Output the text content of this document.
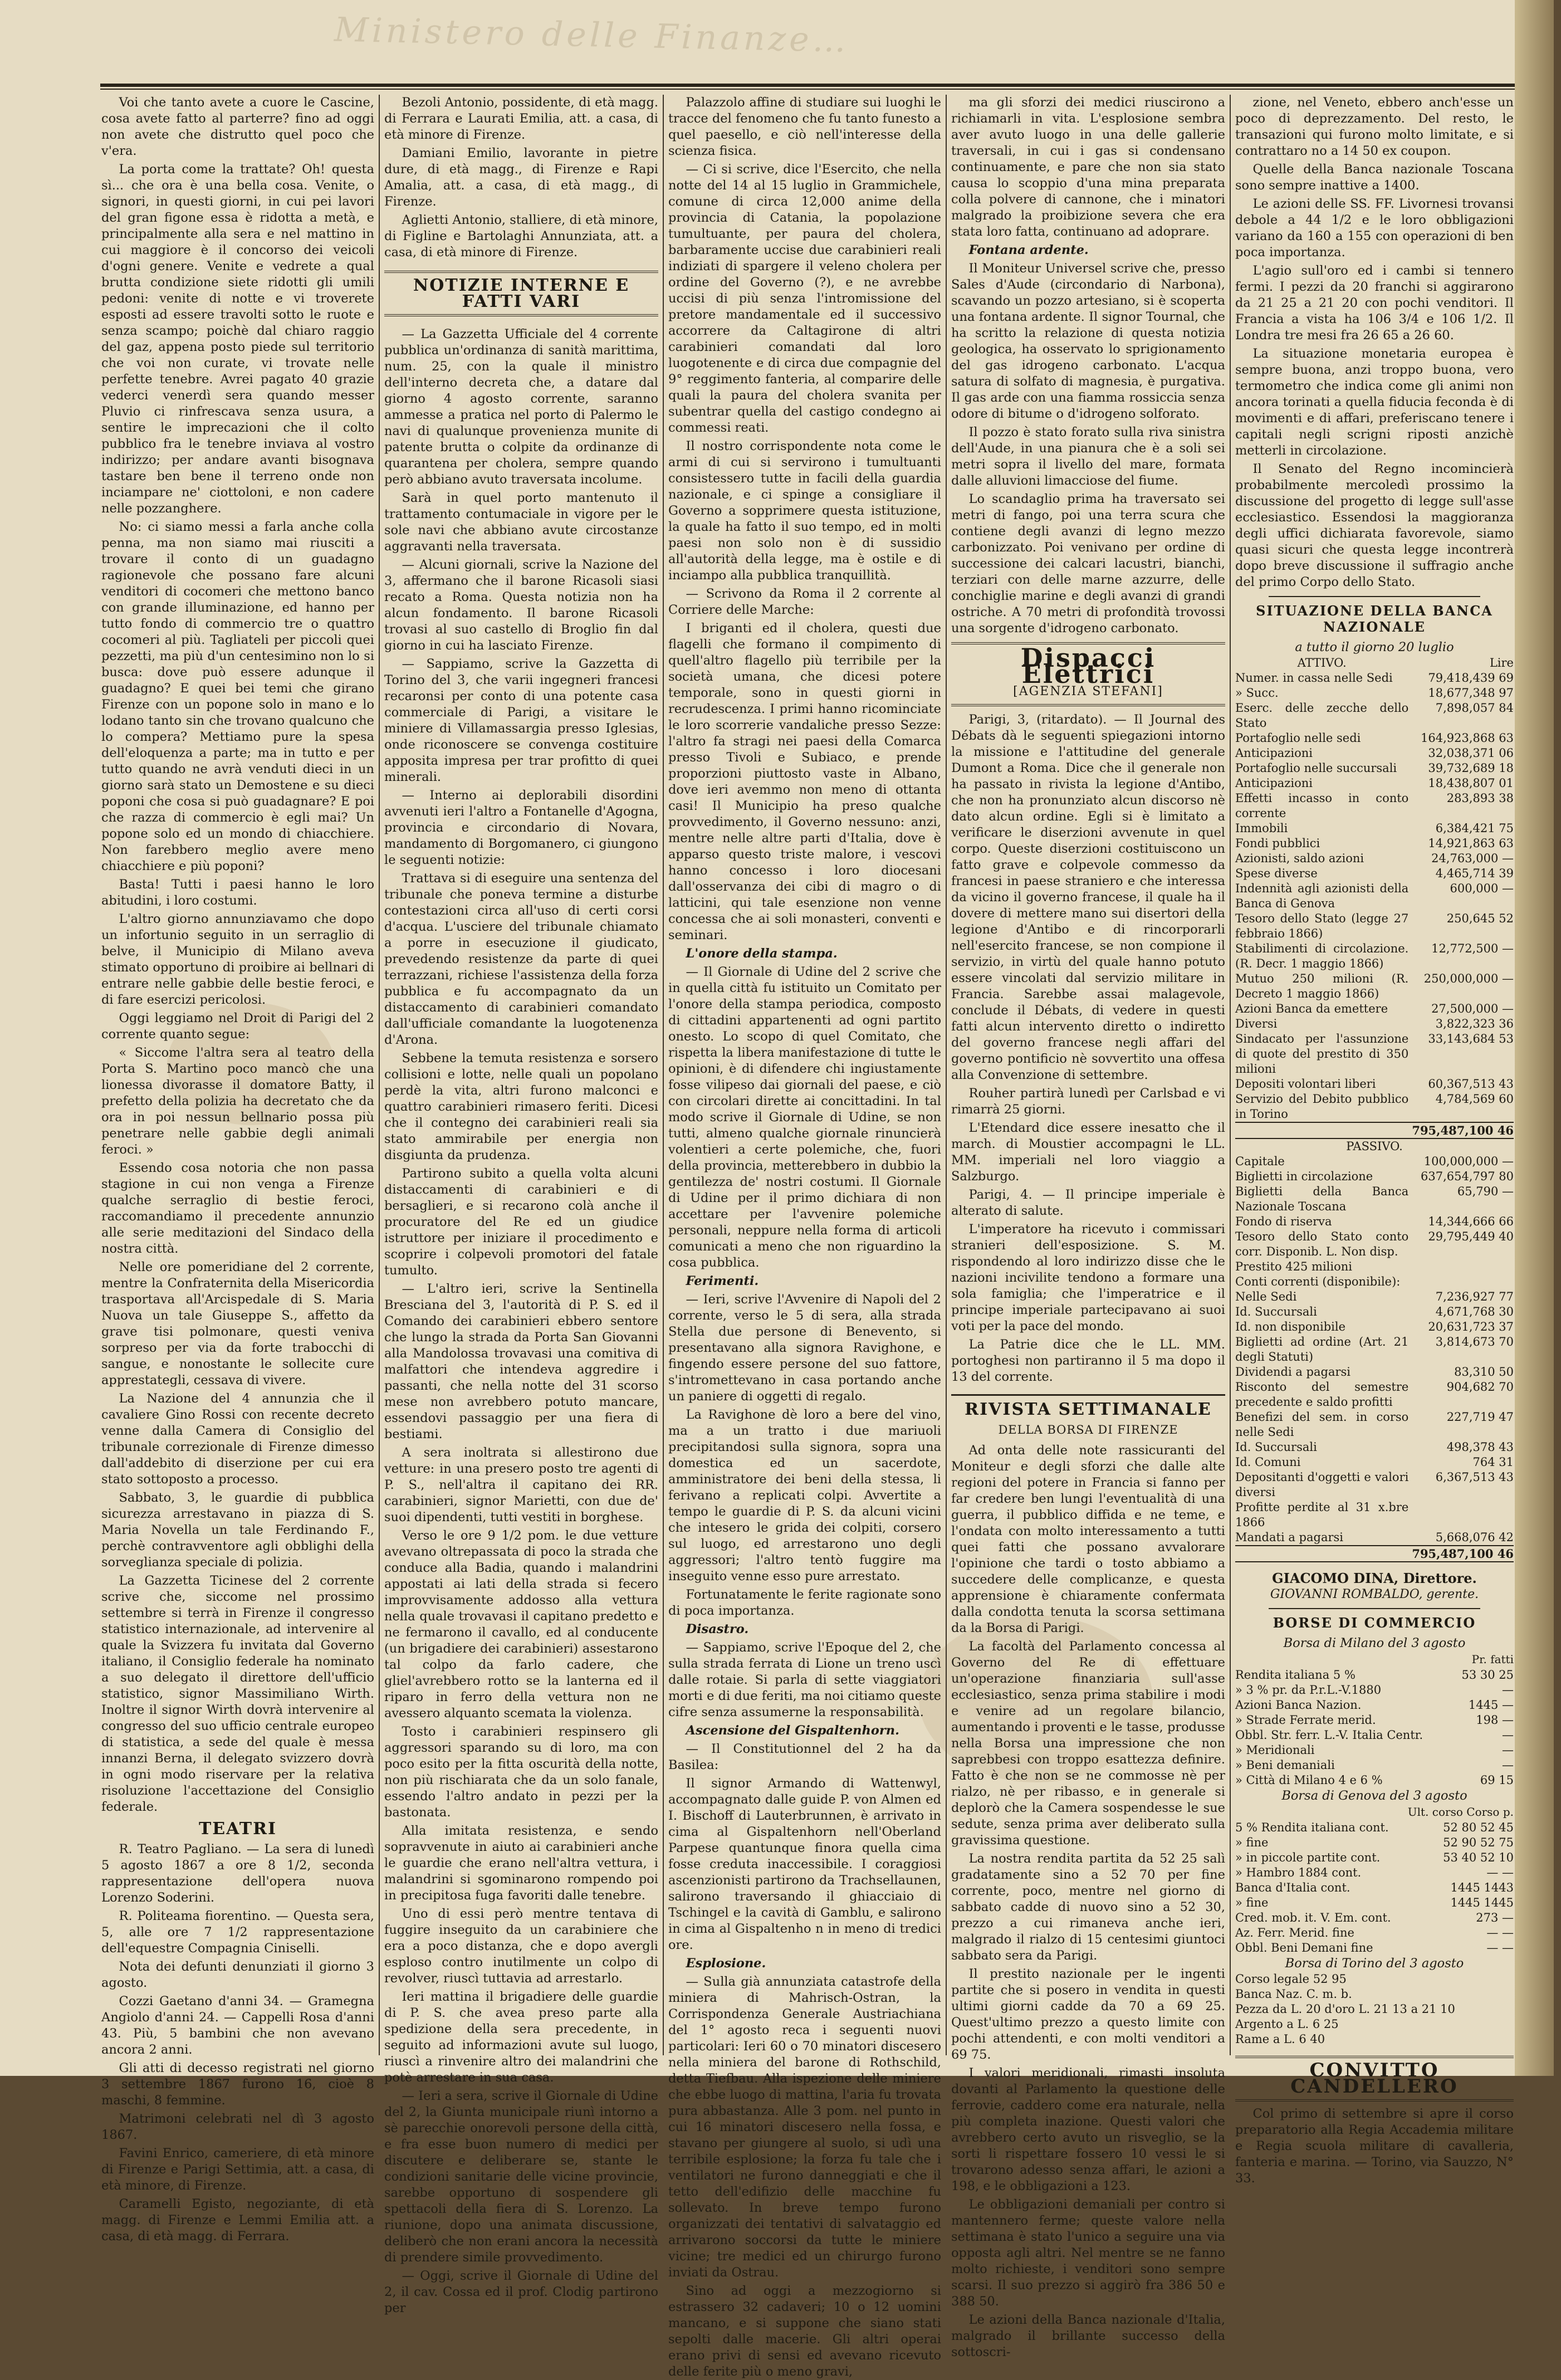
Ministero delle Finanze…
Voi che tanto avete a cuore le Cascine, cosa avete fatto al parterre? fino ad oggi non avete che distrutto quel poco che v'era.
La porta come la trattate? Oh! questa sì... che ora è una bella cosa. Venite, o signori, in questi giorni, in cui pei lavori del gran figone essa è ridotta a metà, e principalmente alla sera e nel mattino in cui maggiore è il concorso dei veicoli d'ogni genere. Venite e vedrete a qual brutta condizione siete ridotti gli umili pedoni: venite di notte e vi troverete esposti ad essere travolti sotto le ruote e senza scampo; poichè dal chiaro raggio del gaz, appena posto piede sul territorio che voi non curate, vi trovate nelle perfette tenebre. Avrei pagato 40 grazie vederci venerdì sera quando messer Pluvio ci rinfrescava senza usura, a sentire le imprecazioni che il colto pubblico fra le tenebre inviava al vostro indirizzo; per andare avanti bisognava tastare ben bene il terreno onde non inciampare ne' ciottoloni, e non cadere nelle pozzanghere.
No: ci siamo messi a farla anche colla penna, ma non siamo mai riusciti a trovare il conto di un guadagno ragionevole che possano fare alcuni venditori di cocomeri che mettono banco con grande illuminazione, ed hanno per tutto fondo di commercio tre o quattro cocomeri al più. Tagliateli per piccoli quei pezzetti, ma più d'un centesimino non lo si busca: dove può essere adunque il guadagno? E quei bei temi che girano Firenze con un popone solo in mano e lo lodano tanto sin che trovano qualcuno che lo compera? Mettiamo pure la spesa dell'eloquenza a parte; ma in tutto e per tutto quando ne avrà venduti dieci in un giorno sarà stato un Demostene e su dieci poponi che cosa si può guadagnare? E poi che razza di commercio è egli mai? Un popone solo ed un mondo di chiacchiere. Non farebbero meglio avere meno chiacchiere e più poponi?
Basta! Tutti i paesi hanno le loro abitudini, i loro costumi.
L'altro giorno annunziavamo che dopo un infortunio seguito in un serraglio di belve, il Municipio di Milano aveva stimato opportuno di proibire ai bellnari di entrare nelle gabbie delle bestie feroci, e di fare esercizi pericolosi.
Oggi leggiamo nel Droit di Parigi del 2 corrente quanto segue:
« Siccome l'altra sera al teatro della Porta S. Martino poco mancò che una lionessa divorasse il domatore Batty, il prefetto della polizia ha decretato che da ora in poi nessun bellnario possa più penetrare nelle gabbie degli animali feroci. »
Essendo cosa notoria che non passa stagione in cui non venga a Firenze qualche serraglio di bestie feroci, raccomandiamo il precedente annunzio alle serie meditazioni del Sindaco della nostra città.
Nelle ore pomeridiane del 2 corrente, mentre la Confraternita della Misericordia trasportava all'Arcispedale di S. Maria Nuova un tale Giuseppe S., affetto da grave tisi polmonare, questi veniva sorpreso per via da forte trabocchi di sangue, e nonostante le sollecite cure apprestategli, cessava di vivere.
La Nazione del 4 annunzia che il cavaliere Gino Rossi con recente decreto venne dalla Camera di Consiglio del tribunale correzionale di Firenze dimesso dall'addebito di diserzione per cui era stato sottoposto a processo.
Sabbato, 3, le guardie di pubblica sicurezza arrestavano in piazza di S. Maria Novella un tale Ferdinando F., perchè contravventore agli obblighi della sorveglianza speciale di polizia.
La Gazzetta Ticinese del 2 corrente scrive che, siccome nel prossimo settembre si terrà in Firenze il congresso statistico internazionale, ad intervenire al quale la Svizzera fu invitata dal Governo italiano, il Consiglio federale ha nominato a suo delegato il direttore dell'ufficio statistico, signor Massimiliano Wirth. Inoltre il signor Wirth dovrà intervenire al congresso del suo ufficio centrale europeo di statistica, a sede del quale è messa innanzi Berna, il delegato svizzero dovrà in ogni modo riservare per la relativa risoluzione l'accettazione del Consiglio federale.
TEATRI
R. Teatro Pagliano. — La sera di lunedì 5 agosto 1867 a ore 8 1/2, seconda rappresentazione dell'opera nuova Lorenzo Soderini.
R. Politeama fiorentino. — Questa sera, 5, alle ore 7 1/2 rappresentazione dell'equestre Compagnia Ciniselli.
Nota dei defunti denunziati il giorno 3 agosto.
Cozzi Gaetano d'anni 34. — Gramegna Angiolo d'anni 24. — Cappelli Rosa d'anni 43. Più, 5 bambini che non avevano ancora 2 anni.
Gli atti di decesso registrati nel giorno 3 settembre 1867 furono 16, cioè 8 maschi, 8 femmine.
Matrimoni celebrati nel dì 3 agosto 1867.
Favini Enrico, cameriere, di età minore di Firenze e Parigi Settimia, att. a casa, di età minore, di Firenze.
Caramelli Egisto, negoziante, di età magg. di Firenze e Lemmi Emilia att. a casa, di età magg. di Ferrara.
Bezoli Antonio, possidente, di età magg. di Ferrara e Laurati Emilia, att. a casa, di età minore di Firenze.
Damiani Emilio, lavorante in pietre dure, di età magg., di Firenze e Rapi Amalia, att. a casa, di età magg., di Firenze.
Aglietti Antonio, stalliere, di età minore, di Figline e Bartolaghi Annunziata, att. a casa, di età minore di Firenze.
NOTIZIE INTERNE E FATTI VARI
— La Gazzetta Ufficiale del 4 corrente pubblica un'ordinanza di sanità marittima, num. 25, con la quale il ministro dell'interno decreta che, a datare dal giorno 4 agosto corrente, saranno ammesse a pratica nel porto di Palermo le navi di qualunque provenienza munite di patente brutta o colpite da ordinanze di quarantena per cholera, sempre quando però abbiano avuto traversata incolume.
Sarà in quel porto mantenuto il trattamento contumaciale in vigore per le sole navi che abbiano avute circostanze aggravanti nella traversata.
— Alcuni giornali, scrive la Nazione del 3, affermano che il barone Ricasoli siasi recato a Roma. Questa notizia non ha alcun fondamento. Il barone Ricasoli trovasi al suo castello di Broglio fin dal giorno in cui ha lasciato Firenze.
— Sappiamo, scrive la Gazzetta di Torino del 3, che varii ingegneri francesi recaronsi per conto di una potente casa commerciale di Parigi, a visitare le miniere di Villamassargia presso Iglesias, onde riconoscere se convenga costituire apposita impresa per trar profitto di quei minerali.
— Interno ai deplorabili disordini avvenuti ieri l'altro a Fontanelle d'Agogna, provincia e circondario di Novara, mandamento di Borgomanero, ci giungono le seguenti notizie:
Trattava si di eseguire una sentenza del tribunale che poneva termine a disturbe contestazioni circa all'uso di certi corsi d'acqua. L'usciere del tribunale chiamato a porre in esecuzione il giudicato, prevedendo resistenze da parte di quei terrazzani, richiese l'assistenza della forza pubblica e fu accompagnato da un distaccamento di carabinieri comandato dall'ufficiale comandante la luogotenenza d'Arona.
Sebbene la temuta resistenza e sorsero collisioni e lotte, nelle quali un popolano perdè la vita, altri furono malconci e quattro carabinieri rimasero feriti. Dicesi che il contegno dei carabinieri reali sia stato ammirabile per energia non disgiunta da prudenza.
Partirono subito a quella volta alcuni distaccamenti di carabinieri e di bersaglieri, e si recarono colà anche il procuratore del Re ed un giudice istruttore per iniziare il procedimento e scoprire i colpevoli promotori del fatale tumulto.
— L'altro ieri, scrive la Sentinella Bresciana del 3, l'autorità di P. S. ed il Comando dei carabinieri ebbero sentore che lungo la strada da Porta San Giovanni alla Mandolossa trovavasi una comitiva di malfattori che intendeva aggredire i passanti, che nella notte del 31 scorso mese non avrebbero potuto mancare, essendovi passaggio per una fiera di bestiami.
A sera inoltrata si allestirono due vetture: in una presero posto tre agenti di P. S., nell'altra il capitano dei RR. carabinieri, signor Marietti, con due de' suoi dipendenti, tutti vestiti in borghese.
Verso le ore 9 1/2 pom. le due vetture avevano oltrepassata di poco la strada che conduce alla Badia, quando i malandrini appostati ai lati della strada si fecero improvvisamente addosso alla vettura nella quale trovavasi il capitano predetto e ne fermarono il cavallo, ed al conducente (un brigadiere dei carabinieri) assestarono tal colpo da farlo cadere, che gliel'avrebbero rotto se la lanterna ed il riparo in ferro della vettura non ne avessero alquanto scemata la violenza.
Tosto i carabinieri respinsero gli aggressori sparando su di loro, ma con poco esito per la fitta oscurità della notte, non più rischiarata che da un solo fanale, essendo l'altro andato in pezzi per la bastonata.
Alla imitata resistenza, e sendo sopravvenute in aiuto ai carabinieri anche le guardie che erano nell'altra vettura, i malandrini si sgominarono rompendo poi in precipitosa fuga favoriti dalle tenebre.
Uno di essi però mentre tentava di fuggire inseguito da un carabiniere che era a poco distanza, che e dopo avergli esploso contro inutilmente un colpo di revolver, riuscì tuttavia ad arrestarlo.
Ieri mattina il brigadiere delle guardie di P. S. che avea preso parte alla spedizione della sera precedente, in seguito ad informazioni avute sul luogo, riuscì a rinvenire altro dei malandrini che potè arrestare in sua casa.
— Ieri a sera, scrive il Giornale di Udine del 2, la Giunta municipale riunì intorno a sè parecchie onorevoli persone della città, e fra esse buon numero di medici per discutere e deliberare se, stante le condizioni sanitarie delle vicine provincie, sarebbe opportuno di sospendere gli spettacoli della fiera di S. Lorenzo. La riunione, dopo una animata discussione, deliberò che non erani ancora la necessità di prendere simile provvedimento.
— Oggi, scrive il Giornale di Udine del 2, il cav. Cossa ed il prof. Clodig partirono per
Palazzolo affine di studiare sui luoghi le tracce del fenomeno che fu tanto funesto a quel paesello, e ciò nell'interesse della scienza fisica.
— Ci si scrive, dice l'Esercito, che nella notte del 14 al 15 luglio in Grammichele, comune di circa 12,000 anime della provincia di Catania, la popolazione tumultuante, per paura del cholera, barbaramente uccise due carabinieri reali indiziati di spargere il veleno cholera per ordine del Governo (?), e ne avrebbe uccisi di più senza l'intromissione del pretore mandamentale ed il successivo accorrere da Caltagirone di altri carabinieri comandati dal loro luogotenente e di circa due compagnie del 9° reggimento fanteria, al comparire delle quali la paura del cholera svanita per subentrar quella del castigo condegno ai commessi reati.
Il nostro corrispondente nota come le armi di cui si servirono i tumultuanti consistessero tutte in facili della guardia nazionale, e ci spinge a consigliare il Governo a sopprimere questa istituzione, la quale ha fatto il suo tempo, ed in molti paesi non solo non è di sussidio all'autorità della legge, ma è ostile e di inciampo alla pubblica tranquillità.
— Scrivono da Roma il 2 corrente al Corriere delle Marche:
I briganti ed il cholera, questi due flagelli che formano il compimento di quell'altro flagello più terribile per la società umana, che dicesi potere temporale, sono in questi giorni in recrudescenza. I primi hanno ricominciate le loro scorrerie vandaliche presso Sezze: l'altro fa stragi nei paesi della Comarca presso Tivoli e Subiaco, e prende proporzioni piuttosto vaste in Albano, dove ieri avemmo non meno di ottanta casi! Il Municipio ha preso qualche provvedimento, il Governo nessuno: anzi, mentre nelle altre parti d'Italia, dove è apparso questo triste malore, i vescovi hanno concesso i loro diocesani dall'osservanza dei cibi di magro o di latticini, qui tale esenzione non venne concessa che ai soli monasteri, conventi e seminari.
L'onore della stampa.
— Il Giornale di Udine del 2 scrive che in quella città fu istituito un Comitato per l'onore della stampa periodica, composto di cittadini appartenenti ad ogni partito onesto. Lo scopo di quel Comitato, che rispetta la libera manifestazione di tutte le opinioni, è di difendere chi ingiustamente fosse vilipeso dai giornali del paese, e ciò con circolari dirette ai concittadini. In tal modo scrive il Giornale di Udine, se non tutti, almeno qualche giornale rinuncierà volentieri a certe polemiche, che, fuori della provincia, metterebbero in dubbio la gentilezza de' nostri costumi. Il Giornale di Udine per il primo dichiara di non accettare per l'avvenire polemiche personali, neppure nella forma di articoli comunicati a meno che non riguardino la cosa pubblica.
Ferimenti.
— Ieri, scrive l'Avvenire di Napoli del 2 corrente, verso le 5 di sera, alla strada Stella due persone di Benevento, si presentavano alla signora Ravighone, e fingendo essere persone del suo fattore, s'intromettevano in casa portando anche un paniere di oggetti di regalo.
La Ravighone dè loro a bere del vino, ma a un tratto i due mariuoli precipitandosi sulla signora, sopra una domestica ed un sacerdote, amministratore dei beni della stessa, li ferivano a replicati colpi. Avvertite a tempo le guardie di P. S. da alcuni vicini che intesero le grida dei colpiti, corsero sul luogo, ed arrestarono uno degli aggressori; l'altro tentò fuggire ma inseguito venne esso pure arrestato.
Fortunatamente le ferite ragionate sono di poca importanza.
Disastro.
— Sappiamo, scrive l'Epoque del 2, che sulla strada ferrata di Lione un treno uscì dalle rotaie. Si parla di sette viaggiatori morti e di due feriti, ma noi citiamo queste cifre senza assumerne la responsabilità.
Ascensione del Gispaltenhorn.
— Il Constitutionnel del 2 ha da Basilea:
Il signor Armando di Wattenwyl, accompagnato dalle guide P. von Almen ed I. Bischoff di Lauterbrunnen, è arrivato in cima al Gispaltenhorn nell'Oberland Parpese quantunque finora quella cima fosse creduta inaccessibile. I coraggiosi ascenzionisti partirono da Trachsellaunen, salirono traversando il ghiacciaio di Tschingel e la cavità di Gamblu, e salirono in cima al Gispaltenho n in meno di tredici ore.
Esplosione.
— Sulla già annunziata catastrofe della miniera di Mahrisch-Ostran, la Corrispondenza Generale Austriachiana del 1° agosto reca i seguenti nuovi particolari: Ieri 60 o 70 minatori discesero nella miniera del barone di Rothschild, detta Tiefbau. Alla ispezione delle miniere che ebbe luogo di mattina, l'aria fu trovata pura abbastanza. Alle 3 pom. nel punto in cui 16 minatori discesero nella fossa, e stavano per giungere al suolo, si udì una terribile esplosione; la forza fu tale che i ventilatori ne furono danneggiati e che il tetto dell'edifizio delle macchine fu sollevato. In breve tempo furono organizzati dei tentativi di salvataggio ed arrivarono soccorsi da tutte le miniere vicine; tre medici ed un chirurgo furono inviati da Ostrau.
Sino ad oggi a mezzogiorno si estrassero 32 cadaveri; 10 o 12 uomini mancano, e si suppone che siano stati sepolti dalle macerie. Gli altri operai erano privi di sensi ed avevano ricevuto delle ferite più o meno gravi,
ma gli sforzi dei medici riuscirono a richiamarli in vita. L'esplosione sembra aver avuto luogo in una delle gallerie traversali, in cui i gas si condensano continuamente, e pare che non sia stato causa lo scoppio d'una mina preparata colla polvere di cannone, che i minatori malgrado la proibizione severa che era stata loro fatta, continuano ad adoprare.
Fontana ardente.
Il Moniteur Universel scrive che, presso Sales d'Aude (circondario di Narbona), scavando un pozzo artesiano, si è scoperta una fontana ardente. Il signor Tournal, che ha scritto la relazione di questa notizia geologica, ha osservato lo sprigionamento del gas idrogeno carbonato. L'acqua satura di solfato di magnesia, è purgativa. Il gas arde con una fiamma rossiccia senza odore di bitume o d'idrogeno solforato.
Il pozzo è stato forato sulla riva sinistra dell'Aude, in una pianura che è a soli sei metri sopra il livello del mare, formata dalle alluvioni limacciose del fiume.
Lo scandaglio prima ha traversato sei metri di fango, poi una terra scura che contiene degli avanzi di legno mezzo carbonizzato. Poi venivano per ordine di successione dei calcari lacustri, bianchi, terziari con delle marne azzurre, delle conchiglie marine e degli avanzi di grandi ostriche. A 70 metri di profondità trovossi una sorgente d'idrogeno carbonato.
Dispacci Elettrici
[AGENZIA STEFANI]
Parigi, 3, (ritardato). — Il Journal des Débats dà le seguenti spiegazioni intorno la missione e l'attitudine del generale Dumont a Roma. Dice che il generale non ha passato in rivista la legione d'Antibo, che non ha pronunziato alcun discorso nè dato alcun ordine. Egli si è limitato a verificare le diserzioni avvenute in quel corpo. Queste diserzioni costituiscono un fatto grave e colpevole commesso da francesi in paese straniero e che interessa da vicino il governo francese, il quale ha il dovere di mettere mano sui disertori della legione d'Antibo e di rincorporarli nell'esercito francese, se non compione il servizio, in virtù del quale hanno potuto essere vincolati dal servizio militare in Francia. Sarebbe assai malagevole, conclude il Débats, di vedere in questi fatti alcun intervento diretto o indiretto del governo francese negli affari del governo pontificio nè sovvertito una offesa alla Convenzione di settembre.
Rouher partirà lunedì per Carlsbad e vi rimarrà 25 giorni.
L'Etendard dice essere inesatto che il march. di Moustier accompagni le LL. MM. imperiali nel loro viaggio a Salzburgo.
Parigi, 4. — Il principe imperiale è alterato di salute.
L'imperatore ha ricevuto i commissari stranieri dell'esposizione. S. M. rispondendo al loro indirizzo disse che le nazioni incivilite tendono a formare una sola famiglia; che l'imperatrice e il principe imperiale partecipavano ai suoi voti per la pace del mondo.
La Patrie dice che le LL. MM. portoghesi non partiranno il 5 ma dopo il 13 del corrente.
RIVISTA SETTIMANALE
DELLA BORSA DI FIRENZE
Ad onta delle note rassicuranti del Moniteur e degli sforzi che dalle alte regioni del potere in Francia si fanno per far credere ben lungi l'eventualità di una guerra, il pubblico diffida e ne teme, e l'ondata con molto interessamento a tutti quei fatti che possano avvalorare l'opinione che tardi o tosto abbiamo a succedere delle complicanze, e questa apprensione è chiaramente confermata dalla condotta tenuta la scorsa settimana da la Borsa di Parigi.
La facoltà del Parlamento concessa al Governo del Re di effettuare un'operazione finanziaria sull'asse ecclesiastico, senza prima stabilire i modi e venire ad un regolare bilancio, aumentando i proventi e le tasse, produsse nella Borsa una impressione che non saprebbesi con troppo esattezza definire. Fatto è che non se ne commosse nè per rialzo, nè per ribasso, e in generale si deplorò che la Camera sospendesse le sue sedute, senza prima aver deliberato sulla gravissima questione.
La nostra rendita partita da 52 25 salì gradatamente sino a 52 70 per fine corrente, poco, mentre nel giorno di sabbato cadde di nuovo sino a 52 30, prezzo a cui rimaneva anche ieri, malgrado il rialzo di 15 centesimi giuntoci sabbato sera da Parigi.
Il prestito nazionale per le ingenti partite che si posero in vendita in questi ultimi giorni cadde da 70 a 69 25. Quest'ultimo prezzo a questo limite con pochi attendenti, e con molti venditori a 69 75.
I valori meridionali, rimasti insoluta dovanti al Parlamento la questione delle ferrovie, caddero come era naturale, nella più completa inazione. Questi valori che avrebbero certo avuto un risveglio, se la sorti li rispettare fossero 10 vessi le si trovarono adesso senza affari, le azioni a 198, e le obbligazioni a 123.
Le obbligazioni demaniali per contro si mantennero ferme; queste valore nella settimana è stato l'unico a seguire una via opposta agli altri. Nel mentre se ne fanno molto richieste, i venditori sono sempre scarsi. Il suo prezzo si aggirò fra 386 50 e 388 50.
Le azioni della Banca nazionale d'Italia, malgrado il brillante successo della sottoscri-
zione, nel Veneto, ebbero anch'esse un poco di deprezzamento. Del resto, le transazioni qui furono molto limitate, e si contrattaro no a 14 50 ex coupon.
Quelle della Banca nazionale Toscana sono sempre inattive a 1400.
Le azioni delle SS. FF. Livornesi trovansi debole a 44 1/2 e le loro obbligazioni variano da 160 a 155 con operazioni di ben poca importanza.
L'agio sull'oro ed i cambi si tennero fermi. I pezzi da 20 franchi si aggirarono da 21 25 a 21 20 con pochi venditori. Il Francia a vista ha 106 3/4 e 106 1/2. Il Londra tre mesi fra 26 65 a 26 60.
La situazione monetaria europea è sempre buona, anzi troppo buona, vero termometro che indica come gli animi non ancora torinati a quella fiducia feconda è di movimenti e di affari, preferiscano tenere i capitali negli scrigni riposti anzichè metterli in circolazione.
Il Senato del Regno incomincierà probabilmente mercoledì prossimo la discussione del progetto di legge sull'asse ecclesiastico. Essendosi la maggioranza degli uffici dichiarata favorevole, siamo quasi sicuri che questa legge incontrerà dopo breve discussione il suffragio anche del primo Corpo dello Stato.
SITUAZIONE DELLA BANCA NAZIONALE
a tutto il giorno 20 luglio
ATTIVO.	Lire
Numer. in cassa nelle Sedi	79,418,439 69
» Succ.	18,677,348 97
Eserc. delle zecche dello Stato	7,898,057 84
Portafoglio nelle sedi	164,923,868 63
Anticipazioni	32,038,371 06
Portafoglio nelle succursali	39,732,689 18
Anticipazioni	18,438,807 01
Effetti incasso in conto corrente	283,893 38
Immobili	6,384,421 75
Fondi pubblici	14,921,863 63
Azionisti, saldo azioni	24,763,000 —
Spese diverse	4,465,714 39
Indennità agli azionisti della Banca di Genova	600,000 —
Tesoro dello Stato (legge 27 febbraio 1866)	250,645 52
Stabilimenti di circolazione. (R. Decr. 1 maggio 1866)	12,772,500 —
Mutuo 250 milioni (R. Decreto 1 maggio 1866)	250,000,000 —
Azioni Banca da emettere	27,500,000 —
Diversi	3,822,323 36
Sindacato per l'assunzione di quote del prestito di 350 milioni	33,143,684 53
Depositi volontari liberi	60,367,513 43
Servizio del Debito pubblico in Torino	4,784,569 60
	795,487,100 46
PASSIVO.	
Capitale	100,000,000 —
Biglietti in circolazione	637,654,797 80
Biglietti della Banca Nazionale Toscana	65,790 —
Fondo di riserva	14,344,666 66
Tesoro dello Stato conto corr. Disponib. L. Non disp.	29,795,449 40
Prestito 425 milioni	
Conti correnti (disponibile):	
Nelle Sedi	7,236,927 77
Id. Succursali	4,671,768 30
Id. non disponibile	20,631,723 37
Biglietti ad ordine (Art. 21 degli Statuti)	3,814,673 70
Dividendi a pagarsi	83,310 50
Risconto del semestre precedente e saldo profitti	904,682 70
Benefizi del sem. in corso nelle Sedi	227,719 47
Id. Succursali	498,378 43
Id. Comuni	764 31
Depositanti d'oggetti e valori diversi	6,367,513 43
Profitte perdite al 31 x.bre 1866	
Mandati a pagarsi	5,668,076 42
	795,487,100 46
GIACOMO DINA, Direttore.
GIOVANNI ROMBALDO, gerente.
BORSE DI COMMERCIO
Borsa di Milano del 3 agosto
Pr. fatti
Rendita italiana 5 %	53 30 25
» 3 % pr. da P.r.L.-V.1880	—
Azioni Banca Nazion.	1445 —
» Strade Ferrate merid.	198 —
Obbl. Str. ferr. L.-V. Italia Centr.	—
» Meridionali	—
» Beni demaniali	—
» Città di Milano 4 e 6 %	69 15
Borsa di Genova del 3 agosto
Ult. corso Corso p.
5 % Rendita italiana cont.	52 80 52 45
» fine	52 90 52 75
» in piccole partite cont.	53 40 52 10
» Hambro 1884 cont.	— —
Banca d'Italia cont.	1445 1443
» fine	1445 1445
Cred. mob. it. V. Em. cont.	273 —
Az. Ferr. Merid. fine	— —
Obbl. Beni Demani fine	— —
Borsa di Torino del 3 agosto
Corso legale 52 95	
Banca Naz. C. m. b.	
Pezza da L. 20 d'oro L. 21 13 a 21 10	
Argento a L. 6 25	
Rame a L. 6 40	
CONVITTO CANDELLERO
Col primo di settembre si apre il corso preparatorio alla Regia Accademia militare e Regia scuola militare di cavalleria, fanteria e marina. — Torino, via Sauzzo, N° 33.
